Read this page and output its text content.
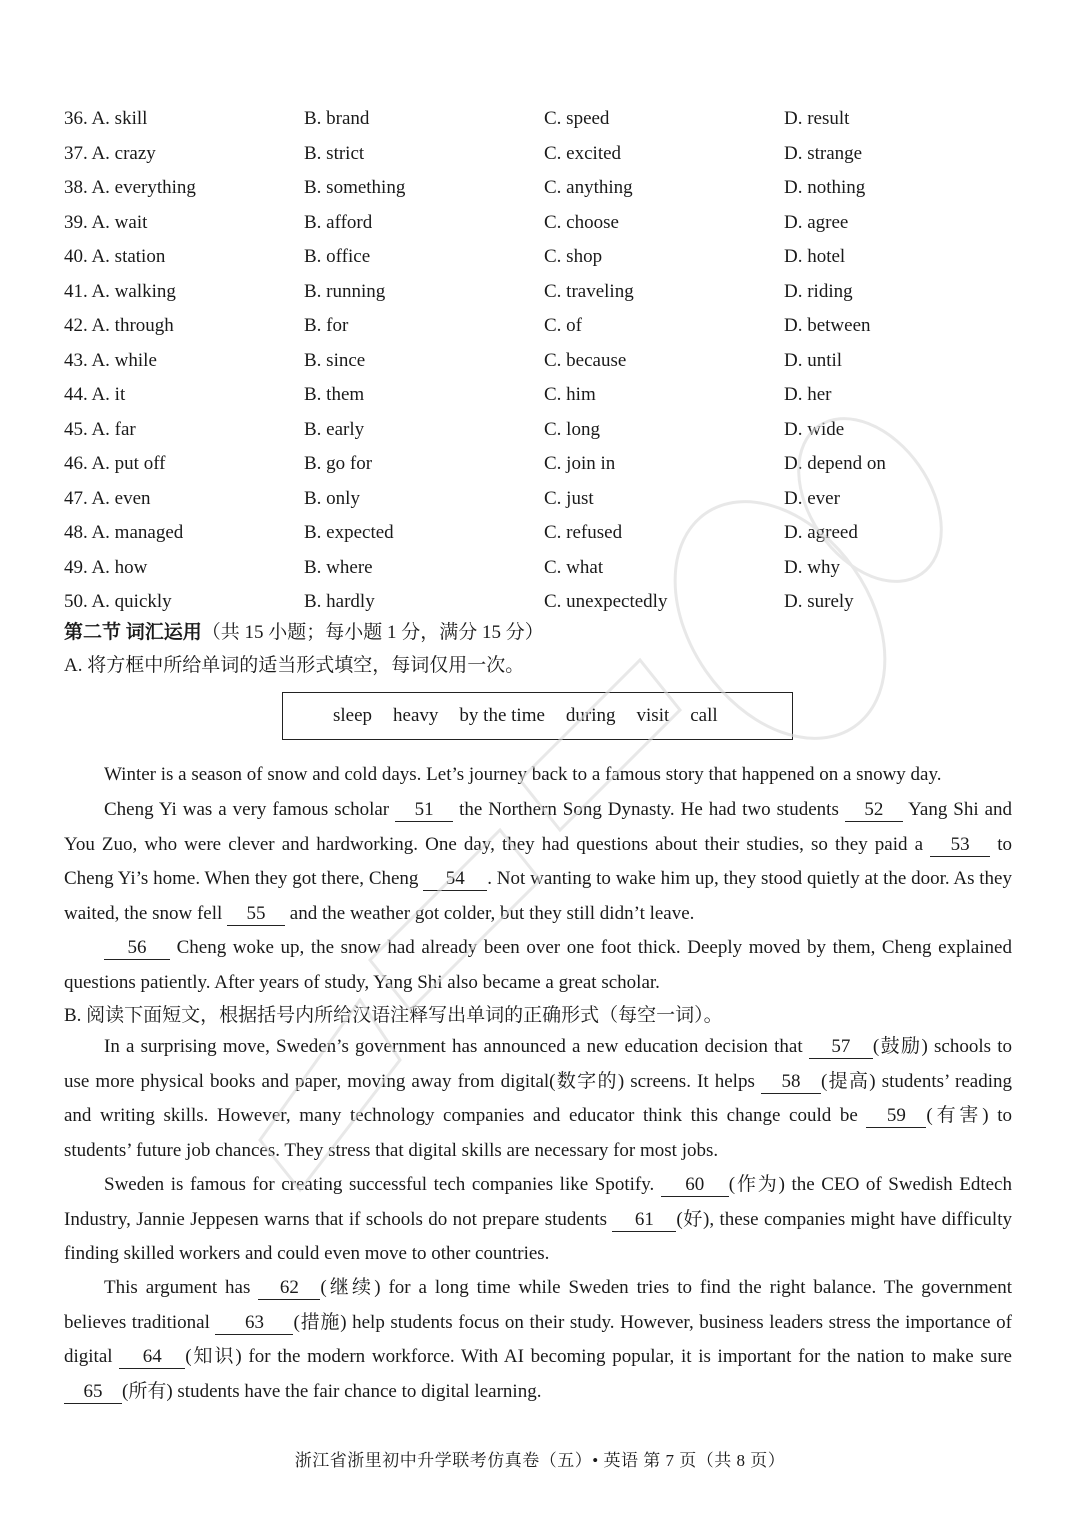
36. A. skill	B. brand	C. speed	D. result
37. A. crazy	B. strict	C. excited	D. strange
38. A. everything	B. something	C. anything	D. nothing
39. A. wait	B. afford	C. choose	D. agree
40. A. station	B. office	C. shop	D. hotel
41. A. walking	B. running	C. traveling	D. riding
42. A. through	B. for	C. of	D. between
43. A. while	B. since	C. because	D. until
44. A. it	B. them	C. him	D. her
45. A. far	B. early	C. long	D. wide
46. A. put off	B. go for	C. join in	D. depend on
47. A. even	B. only	C. just	D. ever
48. A. managed	B. expected	C. refused	D. agreed
49. A. how	B. where	C. what	D. why
50. A. quickly	B. hardly	C. unexpectedly	D. surely
第二节 词汇运用（共 15 小题；每小题 1 分，满分 15 分）
A. 将方框中所给单词的适当形式填空，每词仅用一次。
sleep heavy by the time during visit call
Winter is a season of snow and cold days. Let’s journey back to a famous story that happened on a snowy day.
Cheng Yi was a very famous scholar 51 the Northern Song Dynasty. He had two students 52 Yang Shi and You Zuo, who were clever and hardworking. One day, they had questions about their studies, so they paid a 53 to Cheng Yi’s home. When they got there, Cheng 54 . Not wanting to wake him up, they stood quietly at the door. As they waited, the snow fell 55 and the weather got colder, but they still didn’t leave.
56 Cheng woke up, the snow had already been over one foot thick. Deeply moved by them, Cheng explained questions patiently. After years of study, Yang Shi also became a great scholar.
B. 阅读下面短文，根据括号内所给汉语注释写出单词的正确形式（每空一词）。
In a surprising move, Sweden’s government has announced a new education decision that 57 (鼓励) schools to use more physical books and paper, moving away from digital(数字的) screens. It helps 58 (提高) students’ reading and writing skills. However, many technology companies and educator think this change could be 59 (有害) to students’ future job chances. They stress that digital skills are necessary for most jobs.
Sweden is famous for creating successful tech companies like Spotify. 60 (作为) the CEO of Swedish Edtech Industry, Jannie Jeppesen warns that if schools do not prepare students 61 (好), these companies might have difficulty finding skilled workers and could even move to other countries.
This argument has 62 (继续) for a long time while Sweden tries to find the right balance. The government believes traditional 63 (措施) help students focus on their study. However, business leaders stress the importance of digital 64 (知识) for the modern workforce. With AI becoming popular, it is important for the nation to make sure 65 (所有) students have the fair chance to digital learning.
浙江省浙里初中升学联考仿真卷（五）• 英语 第 7 页（共 8 页）
